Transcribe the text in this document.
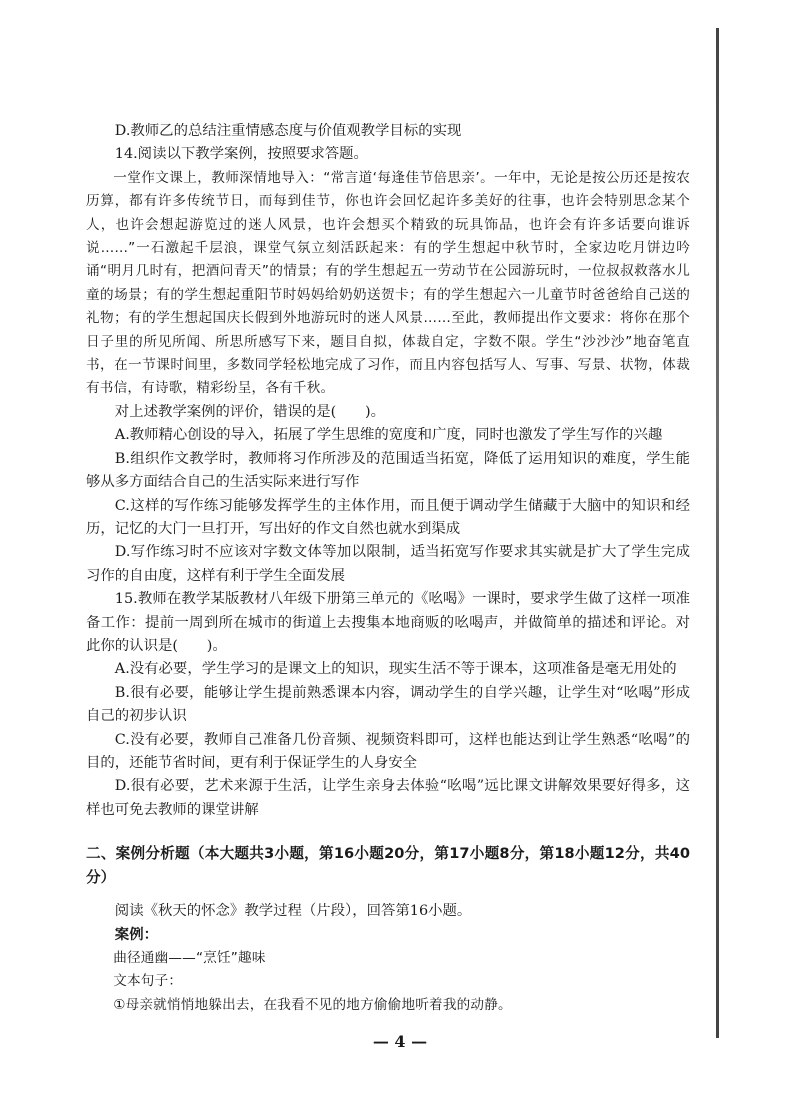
D.教师乙的总结注重情感态度与价值观教学目标的实现

14.阅读以下教学案例，按照要求答题。

一堂作文课上，教师深情地导入：“常言道‘每逢佳节倍思亲’。一年中，无论是按公历还是按农历算，都有许多传统节日，而每到佳节，你也许会回忆起许多美好的往事，也许会特别思念某个人，也许会想起游览过的迷人风景，也许会想买个精致的玩具饰品，也许会有许多话要向谁诉说……”一石激起千层浪，课堂气氛立刻活跃起来：有的学生想起中秋节时，全家边吃月饼边吟诵“明月几时有，把酒问青天”的情景；有的学生想起五一劳动节在公园游玩时，一位叔叔救落水儿童的场景；有的学生想起重阳节时妈妈给奶奶送贺卡；有的学生想起六一儿童节时爸爸给自己送的礼物；有的学生想起国庆长假到外地游玩时的迷人风景……至此，教师提出作文要求：将你在那个日子里的所见所闻、所思所感写下来，题目自拟，体裁自定，字数不限。学生“沙沙沙”地奋笔直书，在一节课时间里，多数同学轻松地完成了习作，而且内容包括写人、写事、写景、状物，体裁有书信，有诗歌，精彩纷呈，各有千秋。

对上述教学案例的评价，错误的是(　　)。

A.教师精心创设的导入，拓展了学生思维的宽度和广度，同时也激发了学生写作的兴趣

B.组织作文教学时，教师将习作所涉及的范围适当拓宽，降低了运用知识的难度，学生能够从多方面结合自己的生活实际来进行写作

C.这样的写作练习能够发挥学生的主体作用，而且便于调动学生储藏于大脑中的知识和经历，记忆的大门一旦打开，写出好的作文自然也就水到渠成

D.写作练习时不应该对字数文体等加以限制，适当拓宽写作要求其实就是扩大了学生完成习作的自由度，这样有利于学生全面发展

15.教师在教学某版教材八年级下册第三单元的《吆喝》一课时，要求学生做了这样一项准备工作：提前一周到所在城市的街道上去搜集本地商贩的吆喝声，并做简单的描述和评论。对此你的认识是(　　)。

A.没有必要，学生学习的是课文上的知识，现实生活不等于课本，这项准备是毫无用处的

B.很有必要，能够让学生提前熟悉课本内容，调动学生的自学兴趣，让学生对“吆喝”形成自己的初步认识

C.没有必要，教师自己准备几份音频、视频资料即可，这样也能达到让学生熟悉“吆喝”的目的，还能节省时间，更有利于保证学生的人身安全

D.很有必要，艺术来源于生活，让学生亲身去体验“吆喝”远比课文讲解效果要好得多，这样也可免去教师的课堂讲解

二、案例分析题（本大题共3小题，第16小题20分，第17小题8分，第18小题12分，共40分）

阅读《秋天的怀念》教学过程（片段），回答第16小题。

案例：

曲径通幽——“烹饪”趣味

文本句子：

①母亲就悄悄地躲出去，在我看不见的地方偷偷地听着我的动静。

— 4 —
